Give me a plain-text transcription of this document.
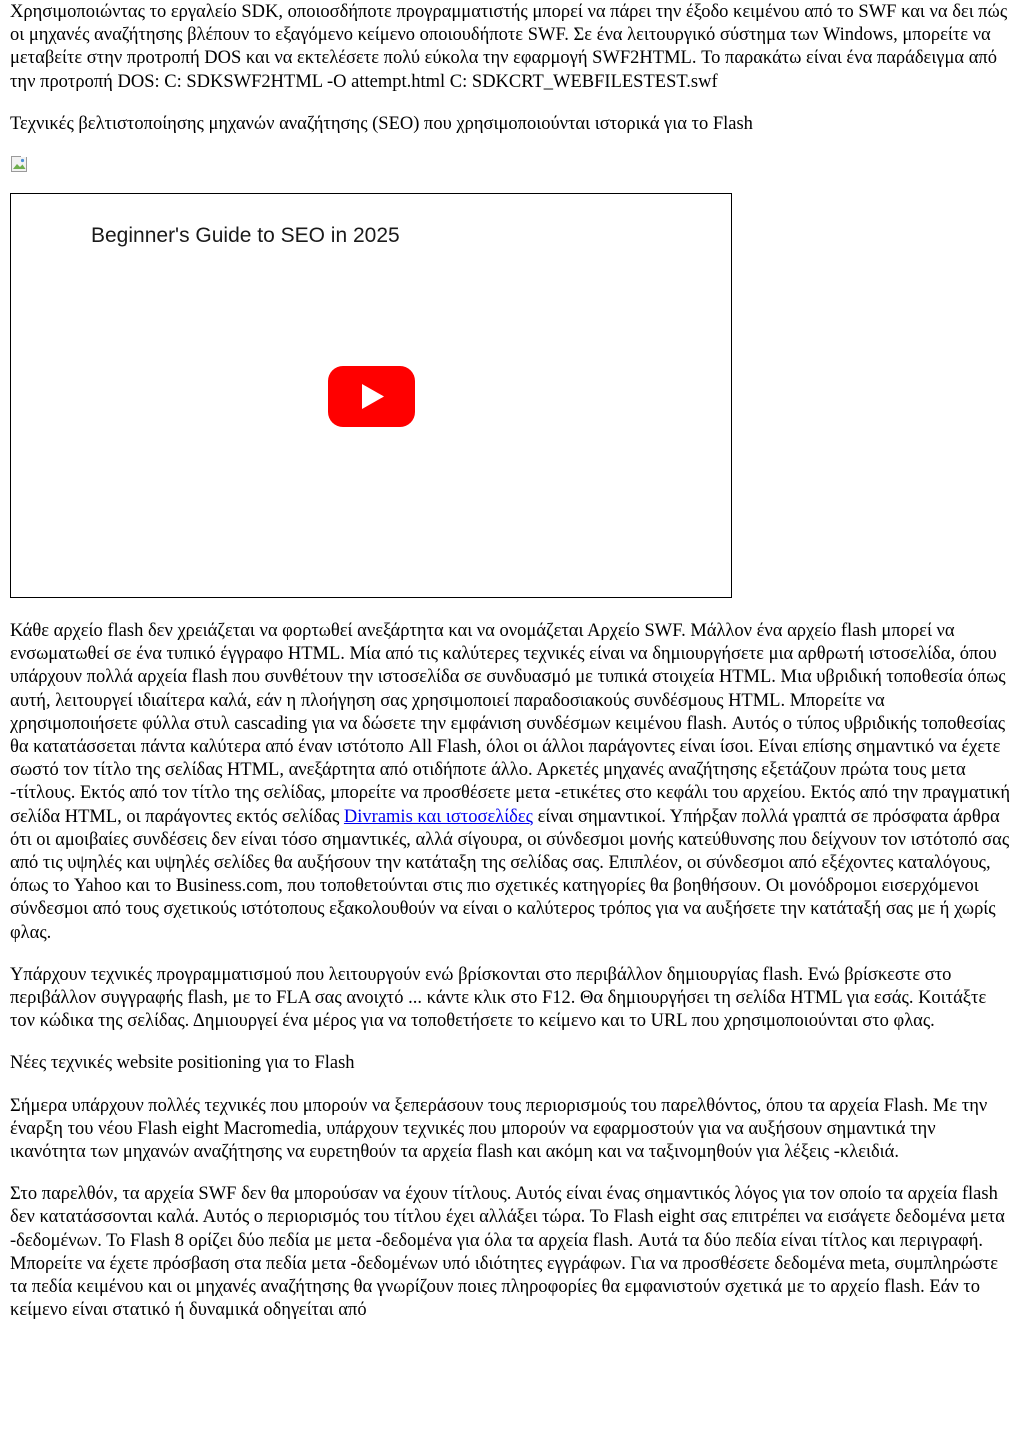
Χρησιμοποιώντας το εργαλείο SDK, οποιοσδήποτε προγραμματιστής μπορεί να πάρει την έξοδο κειμένου από το SWF και να δει πώς οι μηχανές αναζήτησης βλέπουν το εξαγόμενο κείμενο οποιουδήποτε SWF. Σε ένα λειτουργικό σύστημα των Windows, μπορείτε να μεταβείτε στην προτροπή DOS και να εκτελέσετε πολύ εύκολα την εφαρμογή SWF2HTML. Το παρακάτω είναι ένα παράδειγμα από την προτροπή DOS: C: SDKSWF2HTML -O attempt.html C: SDKCRT_WEBFILESTEST.swf

Τεχνικές βελτιστοποίησης μηχανών αναζήτησης (SEO) που χρησιμοποιούνται ιστορικά για το Flash

Beginner's Guide to SEO in 2025

Κάθε αρχείο flash δεν χρειάζεται να φορτωθεί ανεξάρτητα και να ονομάζεται Αρχείο SWF. Μάλλον ένα αρχείο flash μπορεί να ενσωματωθεί σε ένα τυπικό έγγραφο HTML. Μία από τις καλύτερες τεχνικές είναι να δημιουργήσετε μια αρθρωτή ιστοσελίδα, όπου υπάρχουν πολλά αρχεία flash που συνθέτουν την ιστοσελίδα σε συνδυασμό με τυπικά στοιχεία HTML. Μια υβριδική τοποθεσία όπως αυτή, λειτουργεί ιδιαίτερα καλά, εάν η πλοήγηση σας χρησιμοποιεί παραδοσιακούς συνδέσμους HTML. Μπορείτε να χρησιμοποιήσετε φύλλα στυλ cascading για να δώσετε την εμφάνιση συνδέσμων κειμένου flash. Αυτός ο τύπος υβριδικής τοποθεσίας θα κατατάσσεται πάντα καλύτερα από έναν ιστότοπο All Flash, όλοι οι άλλοι παράγοντες είναι ίσοι. Είναι επίσης σημαντικό να έχετε σωστό τον τίτλο της σελίδας HTML, ανεξάρτητα από οτιδήποτε άλλο. Αρκετές μηχανές αναζήτησης εξετάζουν πρώτα τους μετα -τίτλους. Εκτός από τον τίτλο της σελίδας, μπορείτε να προσθέσετε μετα -ετικέτες στο κεφάλι του αρχείου. Εκτός από την πραγματική σελίδα HTML, οι παράγοντες εκτός σελίδας Divramis και ιστοσελίδες είναι σημαντικοί. Υπήρξαν πολλά γραπτά σε πρόσφατα άρθρα ότι οι αμοιβαίες συνδέσεις δεν είναι τόσο σημαντικές, αλλά σίγουρα, οι σύνδεσμοι μονής κατεύθυνσης που δείχνουν τον ιστότοπό σας από τις υψηλές και υψηλές σελίδες θα αυξήσουν την κατάταξη της σελίδας σας. Επιπλέον, οι σύνδεσμοι από εξέχοντες καταλόγους, όπως το Yahoo και το Business.com, που τοποθετούνται στις πιο σχετικές κατηγορίες θα βοηθήσουν. Οι μονόδρομοι εισερχόμενοι σύνδεσμοι από τους σχετικούς ιστότοπους εξακολουθούν να είναι ο καλύτερος τρόπος για να αυξήσετε την κατάταξή σας με ή χωρίς φλας.

Υπάρχουν τεχνικές προγραμματισμού που λειτουργούν ενώ βρίσκονται στο περιβάλλον δημιουργίας flash. Ενώ βρίσκεστε στο περιβάλλον συγγραφής flash, με το FLA σας ανοιχτό ... κάντε κλικ στο F12. Θα δημιουργήσει τη σελίδα HTML για εσάς. Κοιτάξτε τον κώδικα της σελίδας. Δημιουργεί ένα μέρος για να τοποθετήσετε το κείμενο και το URL που χρησιμοποιούνται στο φλας.

Νέες τεχνικές website positioning για το Flash

Σήμερα υπάρχουν πολλές τεχνικές που μπορούν να ξεπεράσουν τους περιορισμούς του παρελθόντος, όπου τα αρχεία Flash. Με την έναρξη του νέου Flash eight Macromedia, υπάρχουν τεχνικές που μπορούν να εφαρμοστούν για να αυξήσουν σημαντικά την ικανότητα των μηχανών αναζήτησης να ευρετηθούν τα αρχεία flash και ακόμη και να ταξινομηθούν για λέξεις -κλειδιά.

Στο παρελθόν, τα αρχεία SWF δεν θα μπορούσαν να έχουν τίτλους. Αυτός είναι ένας σημαντικός λόγος για τον οποίο τα αρχεία flash δεν κατατάσσονται καλά. Αυτός ο περιορισμός του τίτλου έχει αλλάξει τώρα. Το Flash eight σας επιτρέπει να εισάγετε δεδομένα μετα -δεδομένων. Το Flash 8 ορίζει δύο πεδία με μετα -δεδομένα για όλα τα αρχεία flash. Αυτά τα δύο πεδία είναι τίτλος και περιγραφή. Μπορείτε να έχετε πρόσβαση στα πεδία μετα -δεδομένων υπό ιδιότητες εγγράφων. Για να προσθέσετε δεδομένα meta, συμπληρώστε τα πεδία κειμένου και οι μηχανές αναζήτησης θα γνωρίζουν ποιες πληροφορίες θα εμφανιστούν σχετικά με το αρχείο flash. Εάν το κείμενο είναι στατικό ή δυναμικά οδηγείται από
